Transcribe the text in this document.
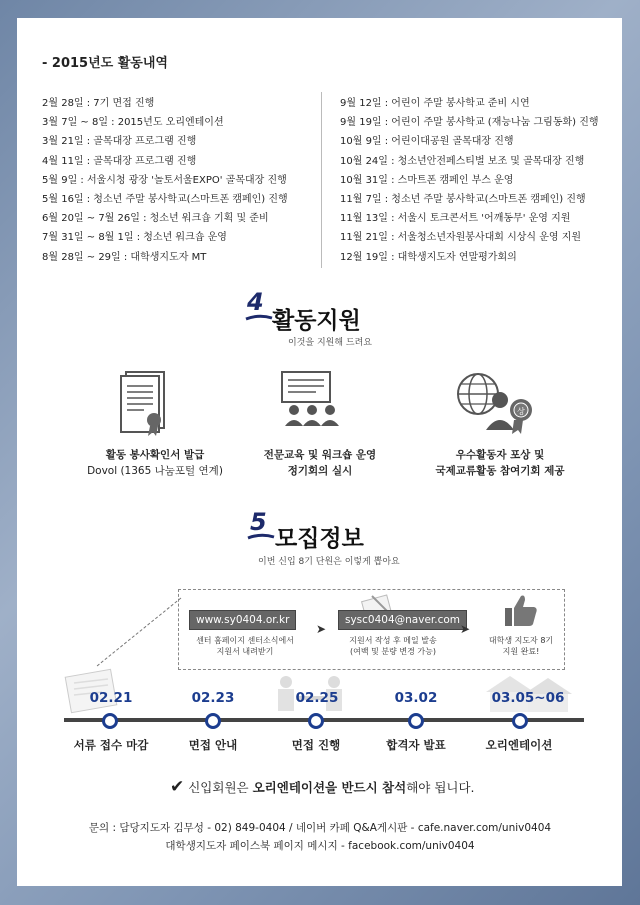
- 2015년도 활동내역
2월 28일 : 7기 면접 진행
3월 7일 ~ 8일 : 2015년도 오리엔테이션
3월 21일 : 골목대장 프로그램 진행
4월 11일 : 골목대장 프로그램 진행
5월 9일 : 서울시청 광장 '놀토서울EXPO' 골목대장 진행
5월 16일 : 청소년 주말 봉사학교(스마트폰 캠페인) 진행
6월 20일 ~ 7월 26일 : 청소년 워크숍 기획 및 준비
7월 31일 ~ 8월 1일 : 청소년 워크숍 운영
8월 28일 ~ 29일 : 대학생지도자 MT
9월 12일 : 어린이 주말 봉사학교 준비 시연
9월 19일 : 어린이 주말 봉사학교 (재능나눔 그림동화) 진행
10월 9일 : 어린이대공원 골목대장 진행
10월 24일 : 청소년안전페스티벌 보조 및 골목대장 진행
10월 31일 : 스마트폰 캠페인 부스 운영
11월 7일 : 청소년 주말 봉사학교(스마트폰 캠페인) 진행
11월 13일 : 서울시 토크콘서트 '어깨동무' 운영 지원
11월 21일 : 서울청소년자원봉사대회 시상식 운영 지원
12월 19일 : 대학생지도자 연말평가회의
4
활동지원
이것을 지원해 드려요
상
활동 봉사확인서 발급
Dovol (1365 나눔포털 연계)
전문교육 및 워크숍 운영
정기회의 실시
우수활동자 포상 및
국제교류활동 참여기회 제공
5
모집정보
이번 신입 8기 단원은 이렇게 뽑아요
www.sy0404.or.kr
센터 홈페이지 센터소식에서
지원서 내려받기
➤
sysc0404@naver.com
지원서 작성 후 메일 발송
(여백 및 분량 변경 가능)
➤
대학생 지도자 8기
지원 완료!
02.21
서류 접수 마감
02.23
면접 안내
02.25
면접 진행
03.02
합격자 발표
03.05~06
오리엔테이션
✔ 신입회원은 오리엔테이션을 반드시 참석해야 됩니다.
문의 : 담당지도자 김무성 - 02) 849-0404 / 네이버 카페 Q&A게시판 - cafe.naver.com/univ0404
대학생지도자 페이스북 페이지 메시지 - facebook.com/univ0404
